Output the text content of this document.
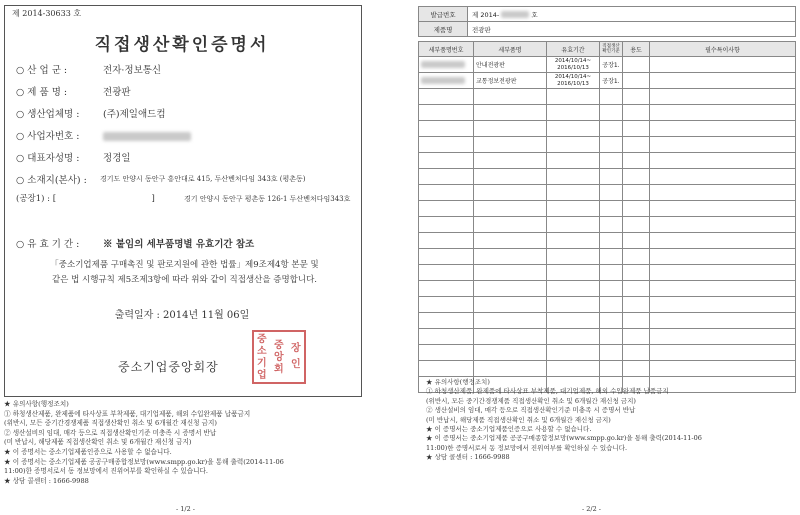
제 2014-30633 호
직접생산확인증명서
○ 산 업 군 :	전자·정보통신
○ 제 품 명 :	전광판
○ 생산업체명 : (주)제일애드컴
○ 사업자번호 :
○ 대표자성명 : 정경일
○ 소재지(본사) :	경기도 안양시 동안구 흥안대로 415, 두산벤처다임 343호 (평촌동)
(공장1) : [	]	경기 안양시 동안구 평촌동 126-1 두산벤처다임343호
○ 유 효 기 간 : ※ 붙임의 세부품명별 유효기간 참조
「중소기업제품 구매촉진 및 판로지원에 관한 법률」제9조제4항 본문 및
같은 법 시행규칙 제5조제3항에 따라 위와 같이 직접생산을 증명합니다.
출력일자 : 2014년 11월 06일
중소기업중앙회장
중
소
기
업
중
앙
회
장
인
★ 유의사항(행정조치)
① 하청생산제품, 완제품에 타사상표 부착제품, 대기업제품, 해외 수입완제품 납품금지
(위반시, 모든 중기간경쟁제품 직접생산확인 취소 및 6개월간 재신청 금지)
② 생산설비의 임대, 매각 등으로 직접생산확인기준 미충족 시 증명서 반납
(미 반납시, 해당제품 직접생산확인 취소 및 6개월간 재신청 금지)
★ 이 증명서는 중소기업제품인증으로 사용할 수 없습니다.
★ 이 증명서는 중소기업제품 공공구매종합정보망(www.smpp.go.kr)을 통해 출력(2014-11-06
11:00)한 증명서로서 동 정보망에서 진위여부를 확인하실 수 있습니다.
★ 상담 콜센터 : 1666-9988
- 1/2 -
발급번호	제 2014- 호
제품명	전광판
세부품명번호	세부품명	유효기간	직접생산확인기준	용도	필수특이사항
	안내전광판	2014/10/14~
2016/10/13	공장1.		
	교통정보전광판	2014/10/14~
2016/10/13	공장1.		

- 2/2 -
★ 유의사항(행정조치)
① 하청생산제품, 완제품에 타사상표 부착제품, 대기업제품, 해외 수입완제품 납품금지
(위반시, 모든 중기간경쟁제품 직접생산확인 취소 및 6개월간 재신청 금지)
② 생산설비의 임대, 매각 등으로 직접생산확인기준 미충족 시 증명서 반납
(미 반납시, 해당제품 직접생산확인 취소 및 6개월간 재신청 금지)
★ 이 증명서는 중소기업제품인증으로 사용할 수 없습니다.
★ 이 증명서는 중소기업제품 공공구매종합정보망(www.smpp.go.kr)을 통해 출력(2014-11-06
11:00)한 증명서로서 동 정보망에서 진위여부를 확인하실 수 있습니다.
★ 상담 콜센터 : 1666-9988
